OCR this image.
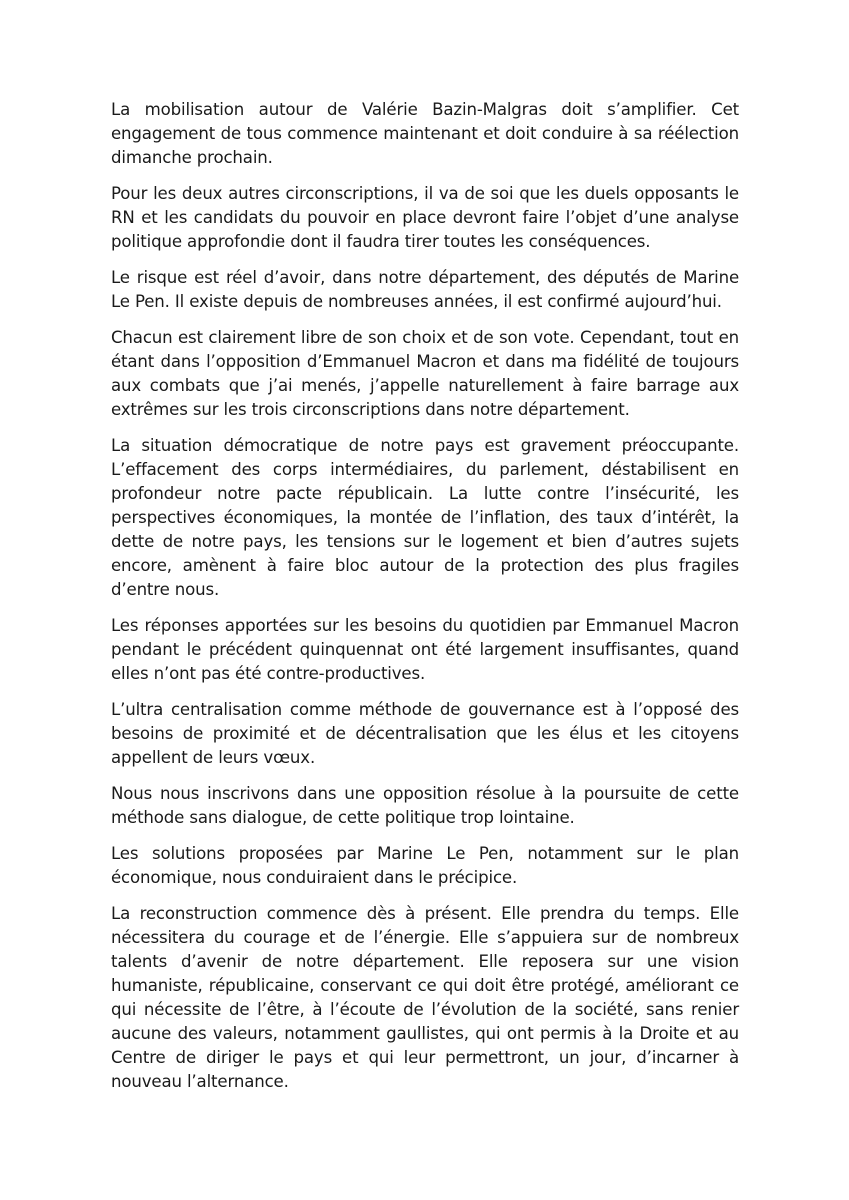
La mobilisation autour de Valérie Bazin-Malgras doit s’amplifier. Cet engagement de tous commence maintenant et doit conduire à sa réélection dimanche prochain.

Pour les deux autres circonscriptions, il va de soi que les duels opposants le RN et les candidats du pouvoir en place devront faire l’objet d’une analyse politique approfondie dont il faudra tirer toutes les conséquences.

Le risque est réel d’avoir, dans notre département, des députés de Marine Le Pen. Il existe depuis de nombreuses années, il est confirmé aujourd’hui.

Chacun est clairement libre de son choix et de son vote. Cependant, tout en étant dans l’opposition d’Emmanuel Macron et dans ma fidélité de toujours aux combats que j’ai menés, j’appelle naturellement à faire barrage aux extrêmes sur les trois circonscriptions dans notre département.

La situation démocratique de notre pays est gravement préoccupante. L’effacement des corps intermédiaires, du parlement, déstabilisent en profondeur notre pacte républicain. La lutte contre l’insécurité, les perspectives économiques, la montée de l’inflation, des taux d’intérêt, la dette de notre pays, les tensions sur le logement et bien d’autres sujets encore, amènent à faire bloc autour de la protection des plus fragiles d’entre nous.

Les réponses apportées sur les besoins du quotidien par Emmanuel Macron pendant le précédent quinquennat ont été largement insuffisantes, quand elles n’ont pas été contre-productives.

L’ultra centralisation comme méthode de gouvernance est à l’opposé des besoins de proximité et de décentralisation que les élus et les citoyens appellent de leurs vœux.

Nous nous inscrivons dans une opposition résolue à la poursuite de cette méthode sans dialogue, de cette politique trop lointaine.

Les solutions proposées par Marine Le Pen, notamment sur le plan économique, nous conduiraient dans le précipice.

La reconstruction commence dès à présent. Elle prendra du temps. Elle nécessitera du courage et de l’énergie. Elle s’appuiera sur de nombreux talents d’avenir de notre département. Elle reposera sur une vision humaniste, républicaine, conservant ce qui doit être protégé, améliorant ce qui nécessite de l’être, à l’écoute de l’évolution de la société, sans renier aucune des valeurs, notamment gaullistes, qui ont permis à la Droite et au Centre de diriger le pays et qui leur permettront, un jour, d’incarner à nouveau l’alternance.
